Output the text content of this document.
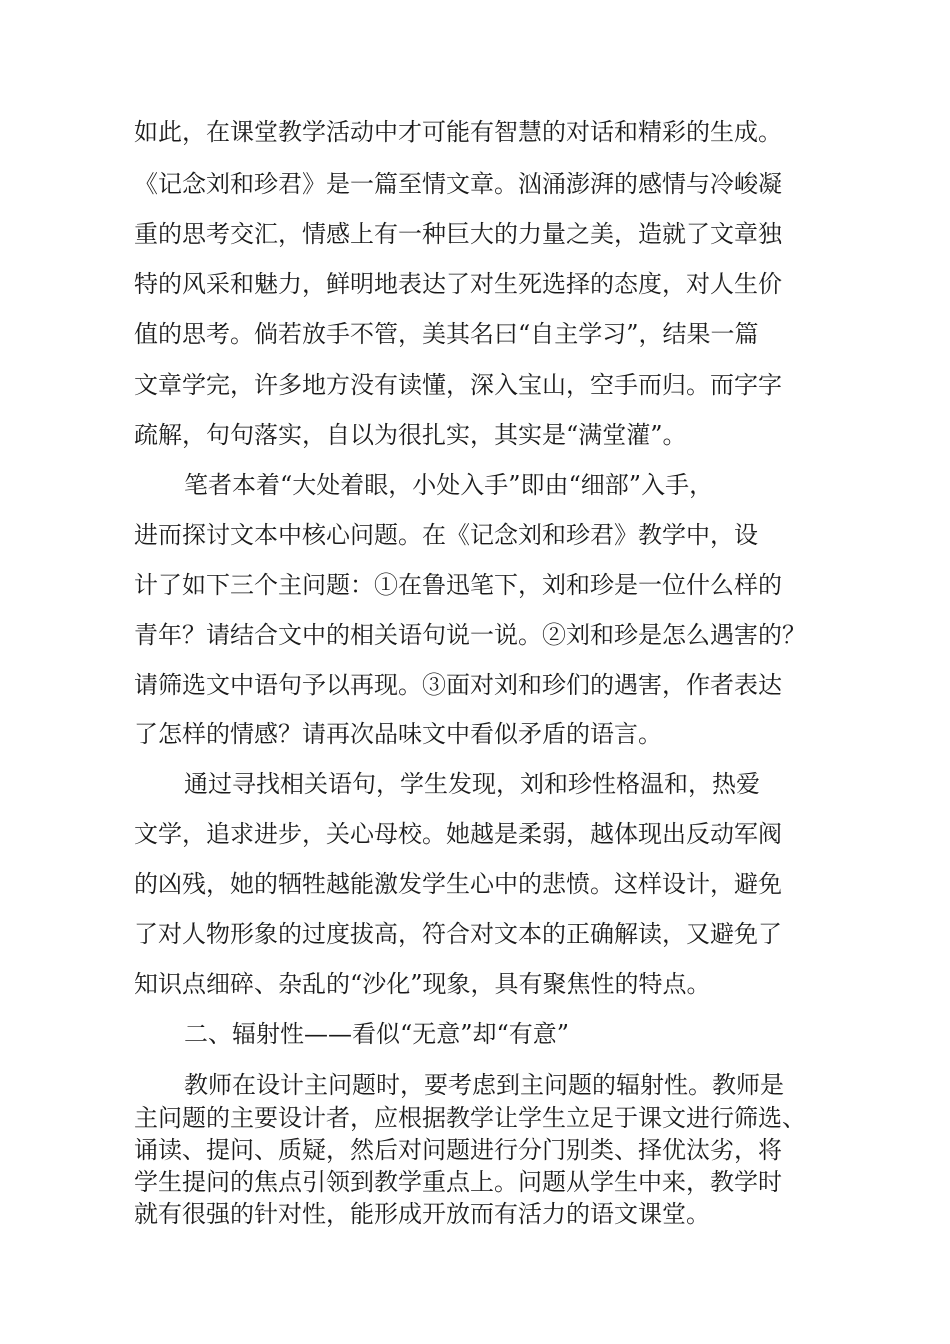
如此，在课堂教学活动中才可能有智慧的对话和精彩的生成。
《记念刘和珍君》是一篇至情文章。汹涌澎湃的感情与冷峻凝
重的思考交汇，情感上有一种巨大的力量之美，造就了文章独
特的风采和魅力，鲜明地表达了对生死选择的态度，对人生价
值的思考。倘若放手不管，美其名曰“自主学习”，结果一篇
文章学完，许多地方没有读懂，深入宝山，空手而归。而字字
疏解，句句落实，自以为很扎实，其实是“满堂灌”。
笔者本着“大处着眼，小处入手”即由“细部”入手，
进而探讨文本中核心问题。在《记念刘和珍君》教学中，设
计了如下三个主问题：①在鲁迅笔下，刘和珍是一位什么样的
青年？请结合文中的相关语句说一说。②刘和珍是怎么遇害的？
请筛选文中语句予以再现。③面对刘和珍们的遇害，作者表达
了怎样的情感？请再次品味文中看似矛盾的语言。
通过寻找相关语句，学生发现，刘和珍性格温和，热爱
文学，追求进步，关心母校。她越是柔弱，越体现出反动军阀
的凶残，她的牺牲越能激发学生心中的悲愤。这样设计，避免
了对人物形象的过度拔高，符合对文本的正确解读，又避免了
知识点细碎、杂乱的“沙化”现象，具有聚焦性的特点。
二、辐射性——看似“无意”却“有意”
教师在设计主问题时，要考虑到主问题的辐射性。教师是
主问题的主要设计者，应根据教学让学生立足于课文进行筛选、
诵读、提问、质疑，然后对问题进行分门别类、择优汰劣，将
学生提问的焦点引领到教学重点上。问题从学生中来，教学时
就有很强的针对性，能形成开放而有活力的语文课堂。
